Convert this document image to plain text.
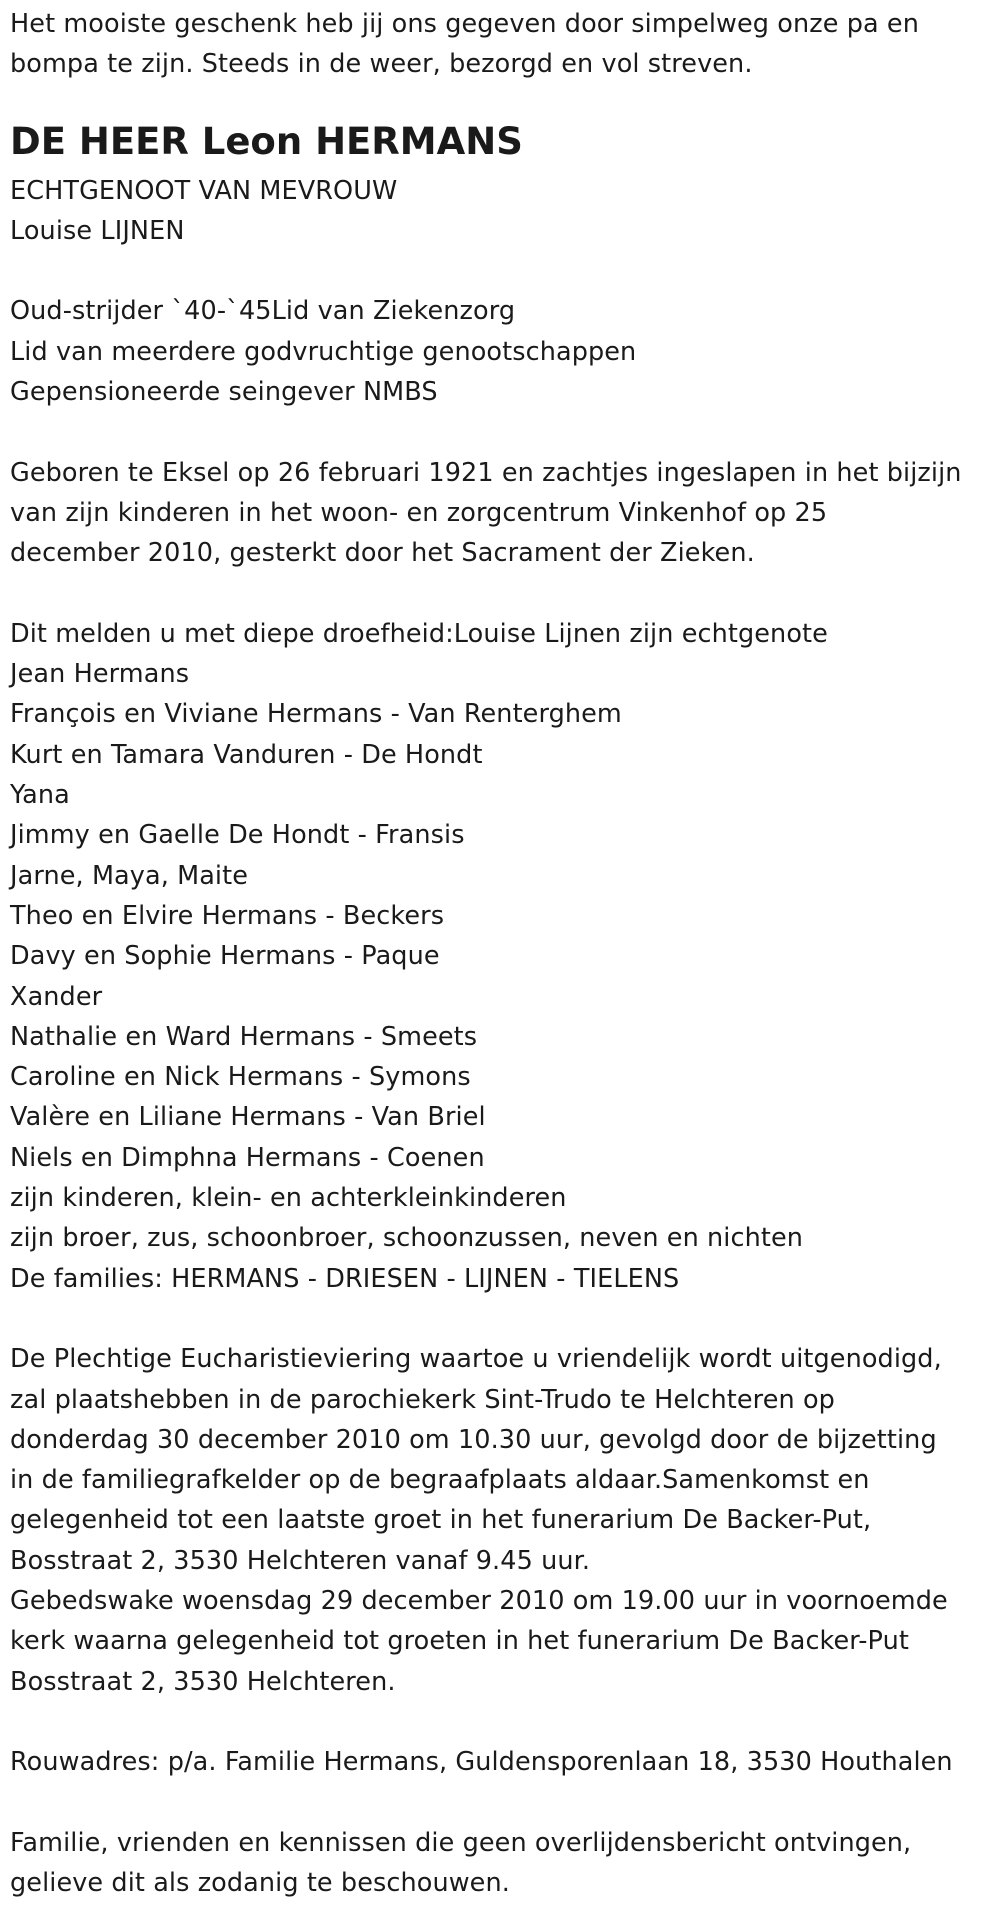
Het mooiste geschenk heb jij ons gegeven door simpelweg onze pa en
bompa te zijn. Steeds in de weer, bezorgd en vol streven.
DE HEER Leon HERMANS
ECHTGENOOT VAN MEVROUW
Louise LIJNEN
Oud-strijder `40-`45Lid van Ziekenzorg
Lid van meerdere godvruchtige genootschappen
Gepensioneerde seingever NMBS
Geboren te Eksel op 26 februari 1921 en zachtjes ingeslapen in het bijzijn
van zijn kinderen in het woon- en zorgcentrum Vinkenhof op 25
december 2010, gesterkt door het Sacrament der Zieken.
Dit melden u met diepe droefheid:Louise Lijnen zijn echtgenote
Jean Hermans
François en Viviane Hermans - Van Renterghem
Kurt en Tamara Vanduren - De Hondt
Yana
Jimmy en Gaelle De Hondt - Fransis
Jarne, Maya, Maite
Theo en Elvire Hermans - Beckers
Davy en Sophie Hermans - Paque
Xander
Nathalie en Ward Hermans - Smeets
Caroline en Nick Hermans - Symons
Valère en Liliane Hermans - Van Briel
Niels en Dimphna Hermans - Coenen
zijn kinderen, klein- en achterkleinkinderen
zijn broer, zus, schoonbroer, schoonzussen, neven en nichten
De families: HERMANS - DRIESEN - LIJNEN - TIELENS
De Plechtige Eucharistieviering waartoe u vriendelijk wordt uitgenodigd,
zal plaatshebben in de parochiekerk Sint-Trudo te Helchteren op
donderdag 30 december 2010 om 10.30 uur, gevolgd door de bijzetting
in de familiegrafkelder op de begraafplaats aldaar.Samenkomst en
gelegenheid tot een laatste groet in het funerarium De Backer-Put,
Bosstraat 2, 3530 Helchteren vanaf 9.45 uur.
Gebedswake woensdag 29 december 2010 om 19.00 uur in voornoemde
kerk waarna gelegenheid tot groeten in het funerarium De Backer-Put
Bosstraat 2, 3530 Helchteren.
Rouwadres: p/a. Familie Hermans, Guldensporenlaan 18, 3530 Houthalen
Familie, vrienden en kennissen die geen overlijdensbericht ontvingen,
gelieve dit als zodanig te beschouwen.
